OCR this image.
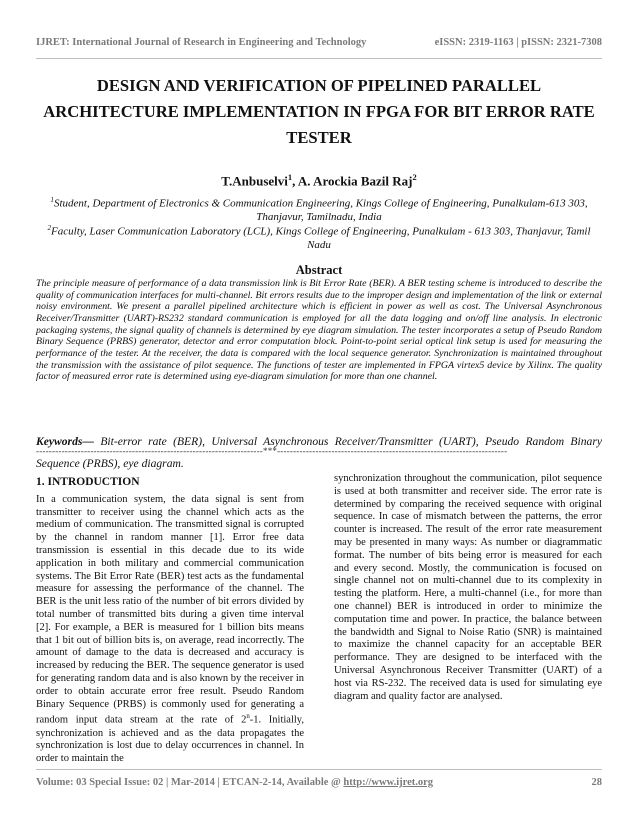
IJRET: International Journal of Research in Engineering and Technology	eISSN: 2319-1163 | pISSN: 2321-7308
DESIGN AND VERIFICATION OF PIPELINED PARALLEL
ARCHITECTURE IMPLEMENTATION IN FPGA FOR BIT ERROR RATE
TESTER
T.Anbuselvi$^1$, A. Arockia Bazil Raj$^2$
$^1$Student, Department of Electronics & Communication Engineering, Kings College of Engineering, Punalkulam-613 303, Thanjavur, Tamilnadu, India
$^2$Faculty, Laser Communication Laboratory (LCL), Kings College of Engineering, Punalkulam - 613 303, Thanjavur, Tamil Nadu
Abstract
The principle measure of performance of a data transmission link is Bit Error Rate (BER). A BER testing scheme is introduced to describe the quality of communication interfaces for multi-channel. Bit errors results due to the improper design and implementation of the link or external noisy environment. We present a parallel pipelined architecture which is efficient in power as well as cost. The Universal Asynchronous Receiver/Transmitter (UART)-RS232 standard communication is employed for all the data logging and on/off line analysis. In electronic packaging systems, the signal quality of channels is determined by eye diagram simulation. The tester incorporates a setup of Pseudo Random Binary Sequence (PRBS) generator, detector and error computation block. Point-to-point serial optical link setup is used for measuring the performance of the tester. At the receiver, the data is compared with the local sequence generator. Synchronization is maintained throughout the transmission with the assistance of pilot sequence. The functions of tester are implemented in FPGA virtex5 device by Xilinx. The quality factor of measured error rate is determined using eye-diagram simulation for more than one channel.
Keywords— Bit-error rate (BER), Universal Asynchronous Receiver/Transmitter (UART), Pseudo Random Binary Sequence (PRBS), eye diagram.
-----------------------------------------------------------------------***------------------------------------------------------------------------
1. INTRODUCTION
In a communication system, the data signal is sent from transmitter to receiver using the channel which acts as the medium of communication. The transmitted signal is corrupted by the channel in random manner [1]. Error free data transmission is essential in this decade due to its wide application in both military and commercial communication systems. The Bit Error Rate (BER) test acts as the fundamental measure for assessing the performance of the channel. The BER is the unit less ratio of the number of bit errors divided by total number of transmitted bits during a given time interval [2]. For example, a BER is measured for 1 billion bits means that 1 bit out of billion bits is, on average, read incorrectly. The amount of damage to the data is decreased and accuracy is increased by reducing the BER. The sequence generator is used for generating random data and is also known by the receiver in order to obtain accurate error free result. Pseudo Random Binary Sequence (PRBS) is commonly used for generating a random input data stream at the rate of 2$^n$-1. Initially, synchronization is achieved and as the data propagates the synchronization is lost due to delay occurrences in channel. In order to maintain the
synchronization throughout the communication, pilot sequence is used at both transmitter and receiver side. The error rate is determined by comparing the received sequence with original sequence. In case of mismatch between the patterns, the error counter is increased. The result of the error rate measurement may be presented in many ways: As number or diagrammatic format. The number of bits being error is measured for each and every second. Mostly, the communication is focused on single channel not on multi-channel due to its complexity in testing the platform. Here, a multi-channel (i.e., for more than one channel) BER is introduced in order to minimize the computation time and power. In practice, the balance between the bandwidth and Signal to Noise Ratio (SNR) is maintained to maximize the channel capacity for an acceptable BER performance. They are designed to be interfaced with the Universal Asynchronous Receiver Transmitter (UART) of a host via RS-232. The received data is used for simulating eye diagram and quality factor are analysed.
Volume: 03 Special Issue: 02 | Mar-2014 | ETCAN-2-14, Available @ http://www.ijret.org	28
